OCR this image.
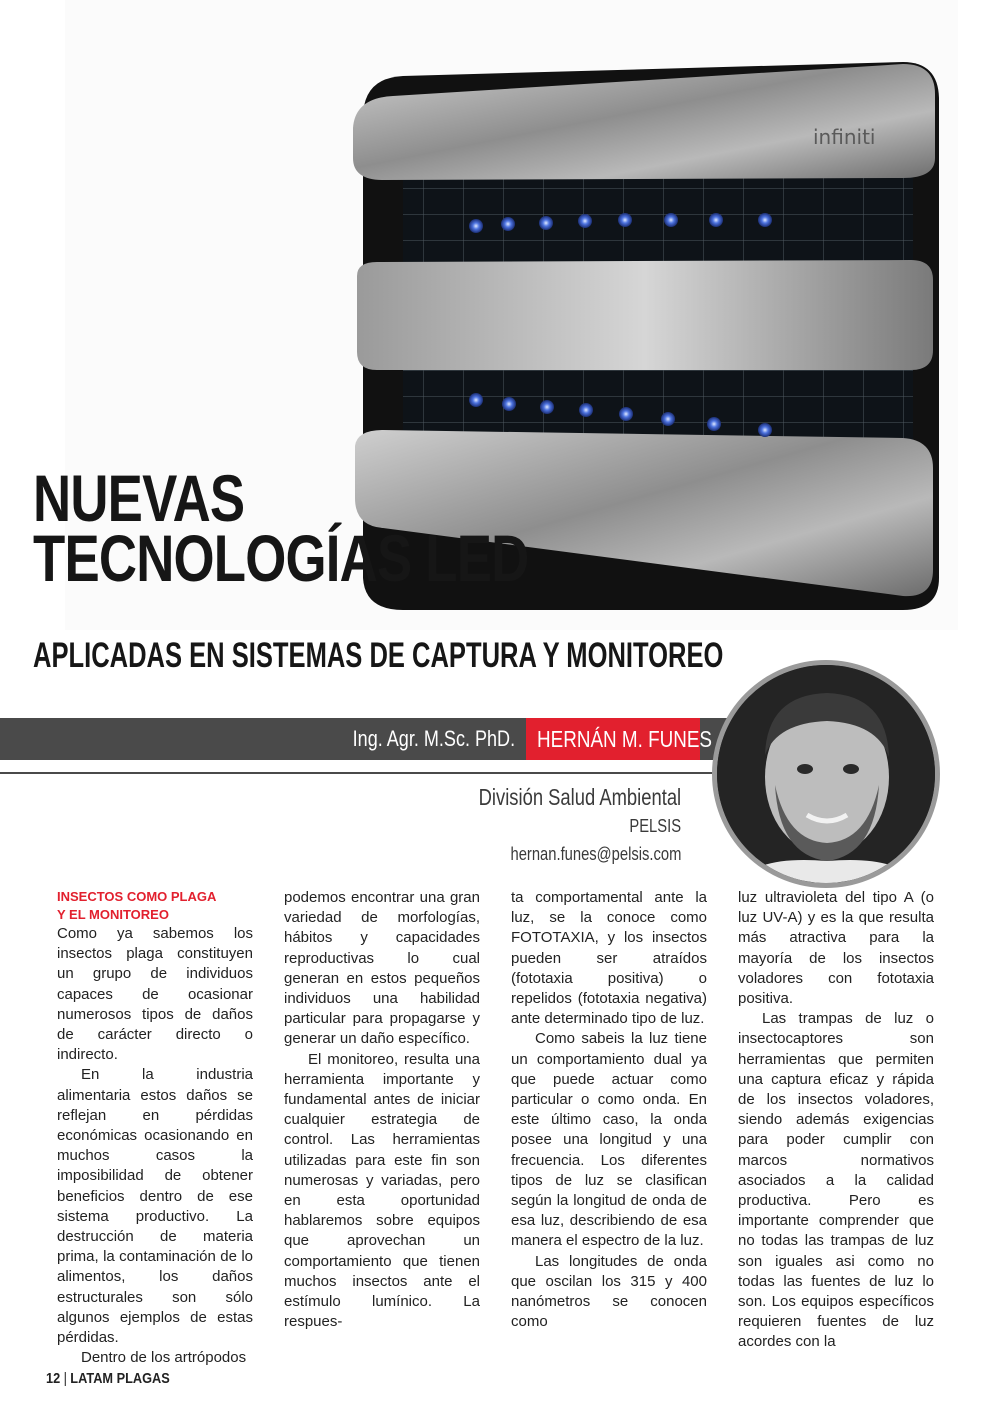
infiniti
NUEVAS
TECNOLOGÍAS LED
APLICADAS EN SISTEMAS DE CAPTURA Y MONITOREO
Ing. Agr. M.Sc. PhD. HERNÁN M. FUNES
División Salud Ambiental
PELSIS
hernan.funes@pelsis.com
INSECTOS COMO PLAGA
Y EL MONITOREO

Como ya sabemos los insectos plaga constituyen un grupo de individuos capaces de ocasionar numerosos tipos de daños de carácter directo o indirecto.

En la industria alimentaria estos daños se reflejan en pérdidas económicas ocasionando en muchos casos la imposibilidad de obtener beneficios dentro de ese sistema productivo. La destrucción de materia prima, la contaminación de lo alimentos, los daños estructurales son sólo algunos ejemplos de estas pérdidas.

Dentro de los artrópodos

podemos encontrar una gran variedad de morfologías, hábitos y capacidades reproductivas lo cual generan en estos pequeños individuos una habilidad particular para propagarse y generar un daño específico.

El monitoreo, resulta una herramienta importante y fundamental antes de iniciar cualquier estrategia de control. Las herramientas utilizadas para este fin son numerosas y variadas, pero en esta oportunidad hablaremos sobre equipos que aprovechan un comportamiento que tienen muchos insectos ante el estímulo lumínico. La respues-

ta comportamental ante la luz, se la conoce como FOTOTAXIA, y los insectos pueden ser atraídos (fototaxia positiva) o repelidos (fototaxia negativa) ante determinado tipo de luz.

Como sabeis la luz tiene un comportamiento dual ya que puede actuar como particular o como onda. En este último caso, la onda posee una longitud y una frecuencia. Los diferentes tipos de luz se clasifican según la longitud de onda de esa luz, describiendo de esa manera el espectro de la luz.

Las longitudes de onda que oscilan los 315 y 400 nanómetros se conocen como

luz ultravioleta del tipo A (o luz UV-A) y es la que resulta más atractiva para la mayoría de los insectos voladores con fototaxia positiva.

Las trampas de luz o insectocaptores son herramientas que permiten una captura eficaz y rápida de los insectos voladores, siendo además exigencias para poder cumplir con marcos normativos asociados a la calidad productiva. Pero es importante comprender que no todas las trampas de luz son iguales asi como no todas las fuentes de luz lo son. Los equipos específicos requieren fuentes de luz acordes con la

12 | LATAM PLAGAS
